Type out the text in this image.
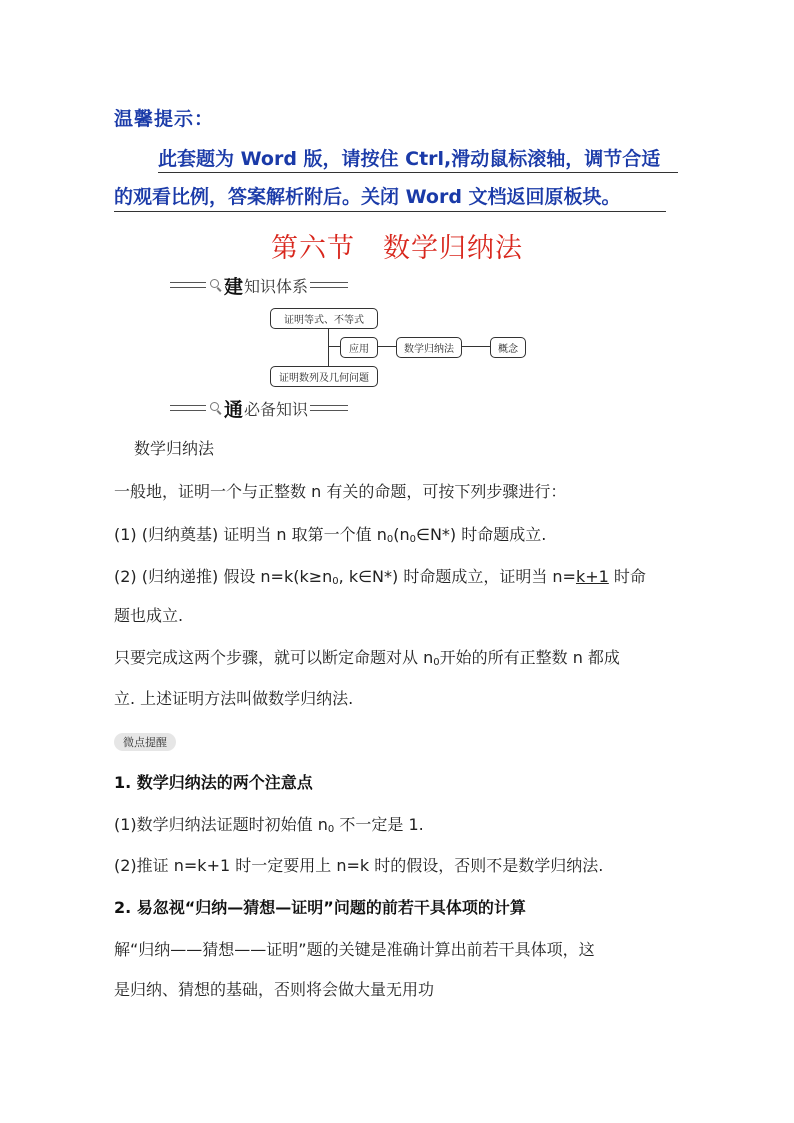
温馨提示：
此套题为 Word 版，请按住 Ctrl,滑动鼠标滚轴，调节合适
的观看比例，答案解析附后。关闭 Word 文档返回原板块。
第六节　数学归纳法
建 知识体系
证明等式、不等式
应用	数学归纳法	概念
证明数列及几何问题
通 必备知识
数学归纳法
一般地，证明一个与正整数 n 有关的命题，可按下列步骤进行：
(1) (归纳奠基) 证明当 n 取第一个值 $n_0(n_0\in N*)$ 时命题成立.
(2) (归纳递推) 假设 $n=k(k\ge n_0$, k∈N*) 时命题成立，证明当 n=k+1 时命
题也成立.
只要完成这两个步骤，就可以断定命题对从 $n_0$开始的所有正整数 n 都成
立. 上述证明方法叫做数学归纳法.
微点提醒
1. 数学归纳法的两个注意点
(1)数学归纳法证题时初始值 $n_0$ 不一定是 1.
(2)推证 n=k+1 时一定要用上 n=k 时的假设，否则不是数学归纳法.
2. 易忽视“归纳—猜想—证明”问题的前若干具体项的计算
解“归纳——猜想——证明”题的关键是准确计算出前若干具体项，这
是归纳、猜想的基础，否则将会做大量无用功
